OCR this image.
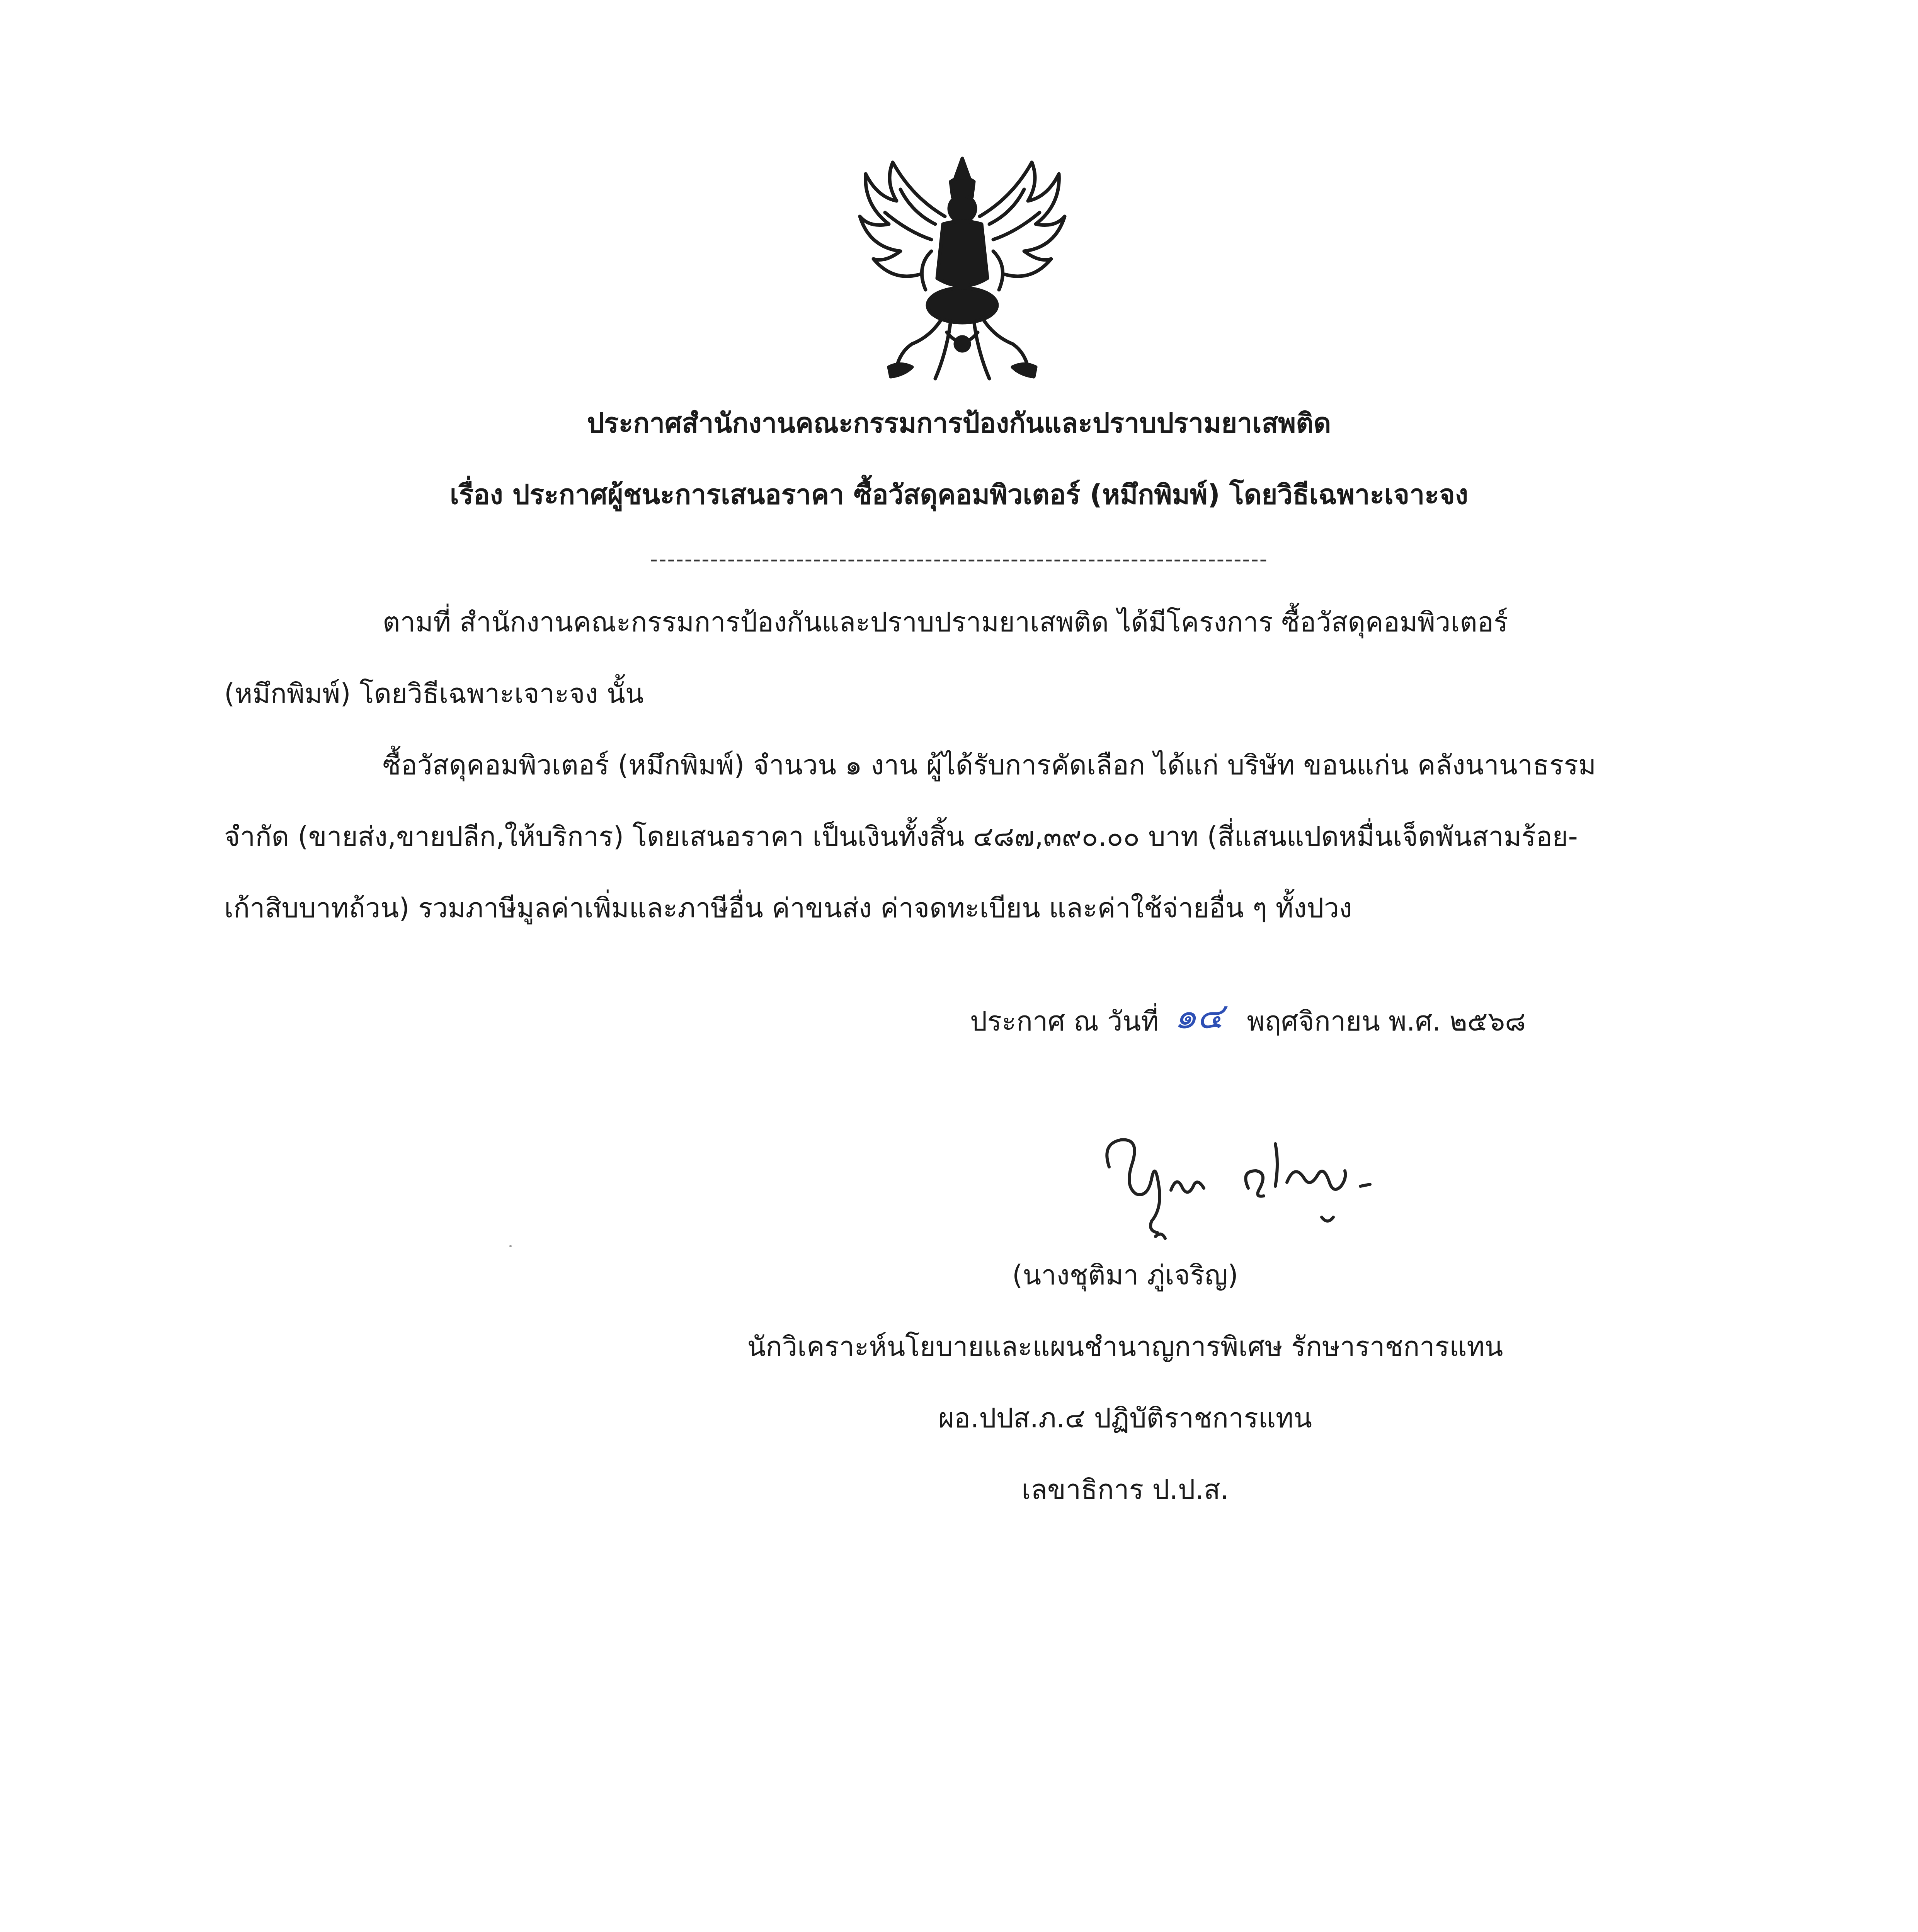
ประกาศสำนักงานคณะกรรมการป้องกันและปราบปรามยาเสพติด
เรื่อง ประกาศผู้ชนะการเสนอราคา ซื้อวัสดุคอมพิวเตอร์ (หมึกพิมพ์) โดยวิธีเฉพาะเจาะจง
------------------------------------------------------------------------
ตามที่ สำนักงานคณะกรรมการป้องกันและปราบปรามยาเสพติด ได้มีโครงการ ซื้อวัสดุคอมพิวเตอร์
(หมึกพิมพ์) โดยวิธีเฉพาะเจาะจง นั้น
ซื้อวัสดุคอมพิวเตอร์ (หมึกพิมพ์) จำนวน ๑ งาน ผู้ได้รับการคัดเลือก ได้แก่ บริษัท ขอนแก่น คลังนานาธรรม
จำกัด (ขายส่ง,ขายปลีก,ให้บริการ) โดยเสนอราคา เป็นเงินทั้งสิ้น ๔๘๗,๓๙๐.๐๐ บาท (สี่แสนแปดหมื่นเจ็ดพันสามร้อย-
เก้าสิบบาทถ้วน) รวมภาษีมูลค่าเพิ่มและภาษีอื่น ค่าขนส่ง ค่าจดทะเบียน และค่าใช้จ่ายอื่น ๆ ทั้งปวง
ประกาศ ณ วันที่ ๑๔ พฤศจิกายน พ.ศ. ๒๕๖๘
(นางชุติมา ภู่เจริญ)
นักวิเคราะห์นโยบายและแผนชำนาญการพิเศษ รักษาราชการแทน
ผอ.ปปส.ภ.๔ ปฏิบัติราชการแทน
เลขาธิการ ป.ป.ส.
